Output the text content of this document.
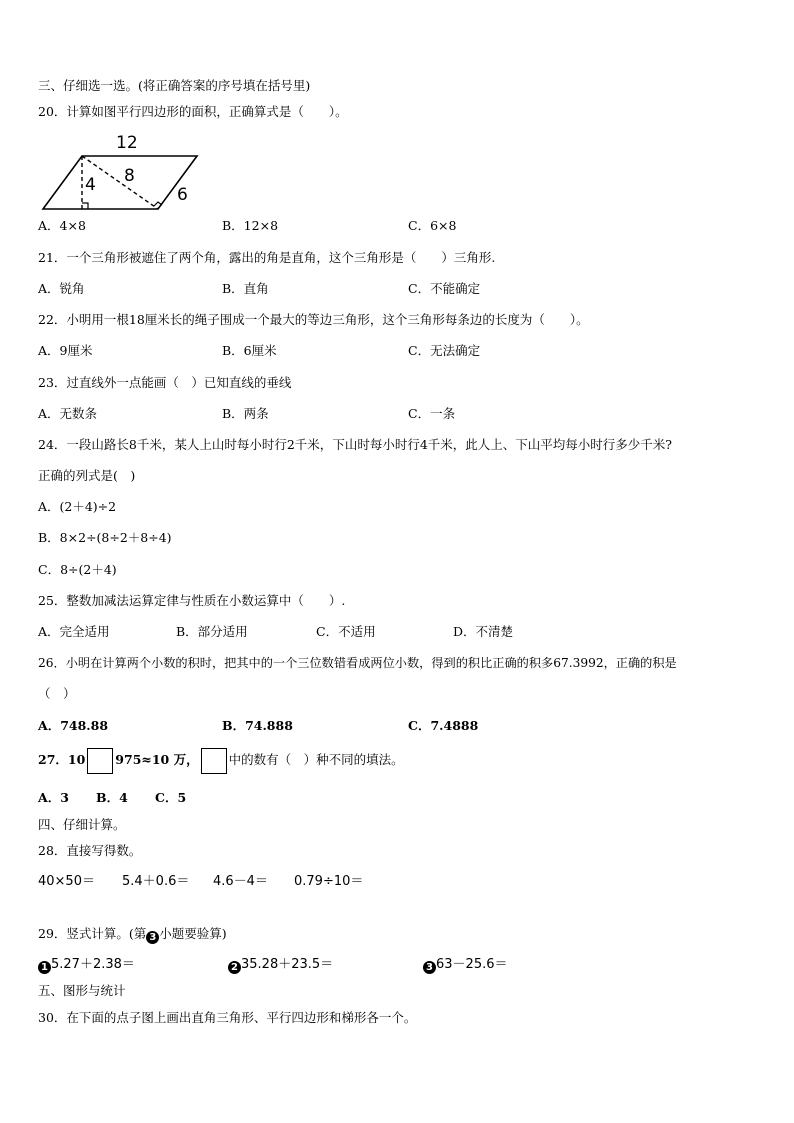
三、仔细选一选。(将正确答案的序号填在括号里)
20．计算如图平行四边形的面积，正确算式是（　　）。
12
4 8
6
A．4×8	B．12×8	C．6×8
21．一个三角形被遮住了两个角，露出的角是直角，这个三角形是（　　）三角形.
A．锐角	B．直角	C．不能确定
22．小明用一根18厘米长的绳子围成一个最大的等边三角形，这个三角形每条边的长度为（　　）。
A．9厘米	B．6厘米	C．无法确定
23．过直线外一点能画（　）已知直线的垂线
A．无数条	B．两条	C．一条
24．一段山路长8千米，某人上山时每小时行2千米，下山时每小时行4千米，此人上、下山平均每小时行多少千米?
正确的列式是(　)
A．(2＋4)÷2
B．8×2÷(8÷2＋8÷4)
C．8÷(2＋4)
25．整数加减法运算定律与性质在小数运算中（　　）.
A．完全适用	B．部分适用	C．不适用	D．不清楚
26．小明在计算两个小数的积时，把其中的一个三位数错看成两位小数，得到的积比正确的积多67.3992，正确的积是
（　）
A．748.88	B．74.888	C．7.4888
27．10 975≈10 万， 中的数有（　）种不同的填法。
A．3 B．4 C．5
四、仔细计算。
28．直接写得数。
40×50＝ 5.4＋0.6＝ 4.6－4＝ 0.79÷10＝
29．竖式计算。(第 3 小题要验算)
1 5.27＋2.38＝	2 35.28＋23.5＝	3 63－25.6＝
五、图形与统计
30．在下面的点子图上画出直角三角形、平行四边形和梯形各一个。
